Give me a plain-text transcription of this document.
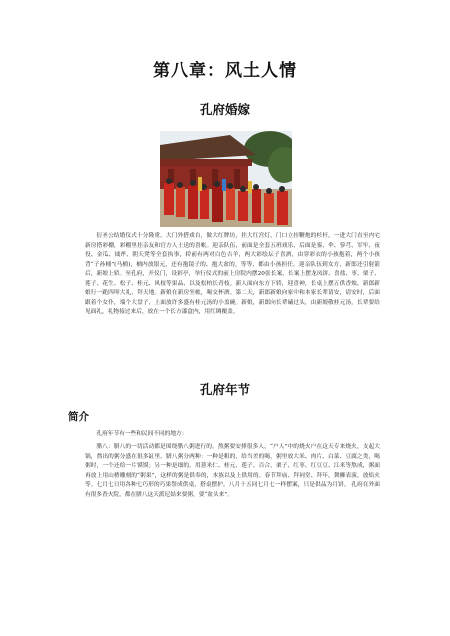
第八章：风土人情
孔府婚嫁

衍圣公结婚仪式十分隆重。大门外搭戏台，做大红牌坊，挂大红宫灯，门口立挂鞭炮的杉杆，一进大门直至内宅新房搭彩棚，彩棚里挂亲友和官方人士送的喜帐。迎亲队伍，前面是全套五班戏乐，后面是銮、伞、蓼芎、军牢、夜役、金瓜、钺斧、朝天凳等全套执事，轿前有两对白色吉羊，两大彩绘坛子喜酒，由穿彩衣的小孩抱着，两个小孩背“子孙桶”(马桶)，桶内放银元，还有抱镜子的、抱大盆的，等等，都由小孩担任。迎亲队伍到女方，新郎还引射箭后，新娘上轿。至孔府，开仪门，设彩亭，举行仪式的前上房院内摆20张长案，长案上摆龙凤饼、喜盐、枣、栗子、莲子、花生、松子、桂元、风枝等果品，以及松柏长青枝。新人面向东方下轿，迎喜神，长桌上摆五供香烛，新郎新娘行一跪四叩大礼，拜天地。新娘在新房坐帐，喝交杯酒。第二天，新郎新娘向家中和本家长辈请安，请安时，后面跟着个女仆，端个大盘子，上面放许多盛有桂元汤的小盖碗。新娘，新郎向长辈磕过头，由新娘敬桂元汤，长辈要给见面礼，礼物接过来后，放在一个长方漆盒内，用红绸覆盖。

孔府年节
简介

孔府年节有一些和民间不同的地方：

腊八：腊八的一切活动都是围绕腊八粥进行的。熬粥要安排很多人，“户人”中的烧火户在这天专来烧火，支起大锅，熬出的粥分盛在很多缸里。腊八粥分两种：一种是粗的，给当差的喝，粥里放大米、肉片、白菜、豆腐之类，喝粥时，一个还给一片馍馍；另一种是细的，用薏米仁、桂元、莲子、百合、栗子、红枣、红豆豆、江米等熬成，粥面再放上用山楂雕刻的“粥果”，这样的粥是供奉的，本族以及上供用的。春节拜庙、拜祠堂、拜年，舞狮表演，放焰火等。七月七日用各种七巧形的巧果祭成供桌，搭桌摆护。八月十五同七月七一样摆案，只是供品为月饼。 孔府在外面有很多香火院，都在腊八这天派尼姑来要粥，要“盆头来”。
